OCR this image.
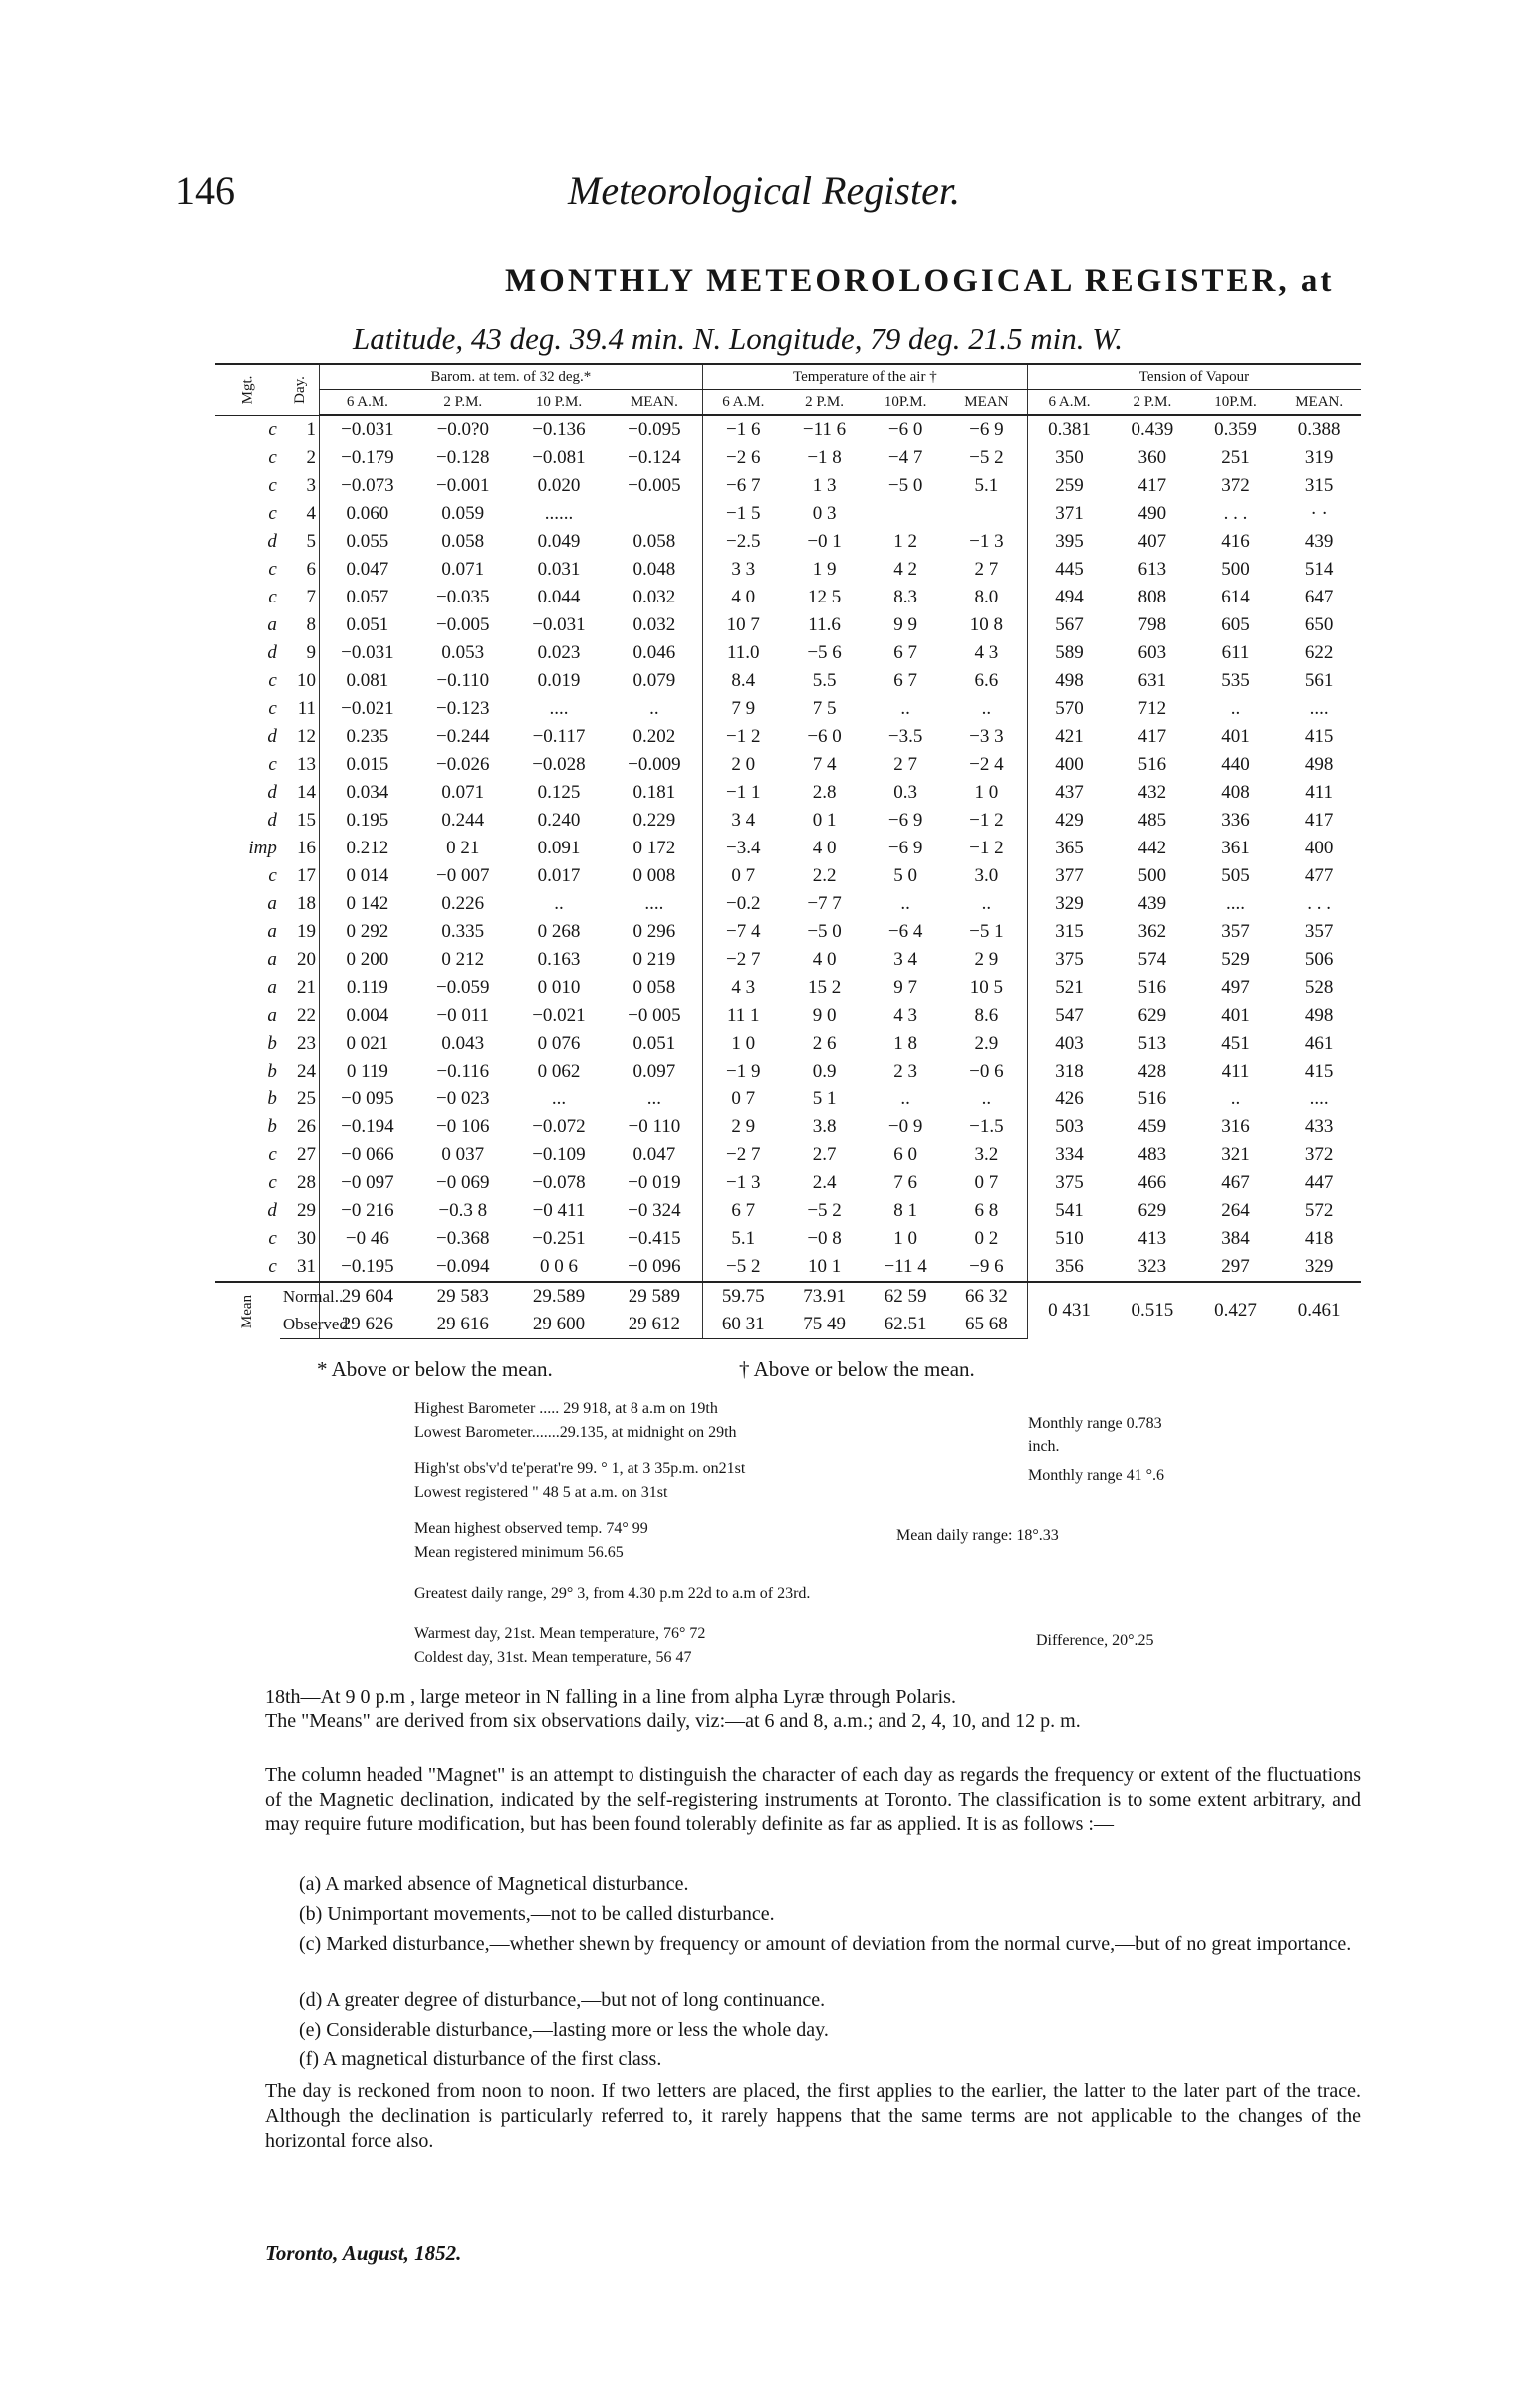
146	Meteorological Register.
MONTHLY METEOROLOGICAL REGISTER, at
Latitude, 43 deg. 39.4 min. N. Longitude, 79 deg. 21.5 min. W.
Mgt.	Day.	Barom. at tem. of 32 deg.*				Temperature of the air †				Tension of Vapour			
		6 A.M.	2 P.M.	10 P.M.	MEAN.	6 A.M.	2 P.M.	10P.M.	MEAN	6 A.M.	2 P.M.	10P.M.	MEAN.
c	1	−0.031	−0.0?0	−0.136	−0.095	−1 6	−11 6	−6 0	−6 9	0.381	0.439	0.359	0.388
c	2	−0.179	−0.128	−0.081	−0.124	−2 6	−1 8	−4 7	−5 2	350	360	251	319
c	3	−0.073	−0.001	0.020	−0.005	−6 7	1 3	−5 0	5.1	259	417	372	315
c	4	0.060	0.059	......		−1 5	0 3			371	490	. . .	· ·
d	5	0.055	0.058	0.049	0.058	−2.5	−0 1	1 2	−1 3	395	407	416	439
c	6	0.047	0.071	0.031	0.048	3 3	1 9	4 2	2 7	445	613	500	514
c	7	0.057	−0.035	0.044	0.032	4 0	12 5	8.3	8.0	494	808	614	647
a	8	0.051	−0.005	−0.031	0.032	10 7	11.6	9 9	10 8	567	798	605	650
d	9	−0.031	0.053	0.023	0.046	11.0	−5 6	6 7	4 3	589	603	611	622
c	10	0.081	−0.110	0.019	0.079	8.4	5.5	6 7	6.6	498	631	535	561
c	11	−0.021	−0.123	....	..	7 9	7 5	..	..	570	712	..	....
d	12	0.235	−0.244	−0.117	0.202	−1 2	−6 0	−3.5	−3 3	421	417	401	415
c	13	0.015	−0.026	−0.028	−0.009	2 0	7 4	2 7	−2 4	400	516	440	498
d	14	0.034	0.071	0.125	0.181	−1 1	2.8	0.3	1 0	437	432	408	411
d	15	0.195	0.244	0.240	0.229	3 4	0 1	−6 9	−1 2	429	485	336	417
imp	16	0.212	0 21	0.091	0 172	−3.4	4 0	−6 9	−1 2	365	442	361	400
c	17	0 014	−0 007	0.017	0 008	0 7	2.2	5 0	3.0	377	500	505	477
a	18	0 142	0.226	..	....	−0.2	−7 7	..	..	329	439	....	. . .
a	19	0 292	0.335	0 268	0 296	−7 4	−5 0	−6 4	−5 1	315	362	357	357
a	20	0 200	0 212	0.163	0 219	−2 7	4 0	3 4	2 9	375	574	529	506
a	21	0.119	−0.059	0 010	0 058	4 3	15 2	9 7	10 5	521	516	497	528
a	22	0.004	−0 011	−0.021	−0 005	11 1	9 0	4 3	8.6	547	629	401	498
b	23	0 021	0.043	0 076	0.051	1 0	2 6	1 8	2.9	403	513	451	461
b	24	0 119	−0.116	0 062	0.097	−1 9	0.9	2 3	−0 6	318	428	411	415
b	25	−0 095	−0 023	...	...	0 7	5 1	..	..	426	516	..	....
b	26	−0.194	−0 106	−0.072	−0 110	2 9	3.8	−0 9	−1.5	503	459	316	433
c	27	−0 066	0 037	−0.109	0.047	−2 7	2.7	6 0	3.2	334	483	321	372
c	28	−0 097	−0 069	−0.078	−0 019	−1 3	2.4	7 6	0 7	375	466	467	447
d	29	−0 216	−0.3 8	−0 411	−0 324	6 7	−5 2	8 1	6 8	541	629	264	572
c	30	−0 46	−0.368	−0.251	−0.415	5.1	−0 8	1 0	0 2	510	413	384	418
c	31	−0.195	−0.094	0 0 6	−0 096	−5 2	10 1	−11 4	−9 6	356	323	297	329
Mean	Normal..	29 604	29 583	29.589	29 589	59.75	73.91	62 59	66 32	0 431	0.515	0.427	0.461
	Observed	29 626	29 616	29 600	29 612	60 31	75 49	62.51	65 68				
* Above or below the mean.	† Above or below the mean.
Highest Barometer ..... 29 918, at 8 a.m on 19th
Lowest Barometer.......29.135, at midnight on 29th
Monthly range 0.783 inch.
High'st obs'v'd te'perat're 99. ° 1, at 3 35p.m. on21st
Lowest registered " 48 5 at a.m. on 31st
Monthly range 41 °.6
Mean highest observed temp. 74° 99
Mean registered minimum 56.65
Mean daily range: 18°.33
Greatest daily range, 29° 3, from 4.30 p.m 22d to a.m of 23rd.
Warmest day, 21st. Mean temperature, 76° 72
Coldest day, 31st. Mean temperature, 56 47
Difference, 20°.25
18th—At 9 0 p.m , large meteor in N falling in a line from alpha Lyræ through Polaris.
The "Means" are derived from six observations daily, viz:—at 6 and 8, a.m.; and 2, 4, 10, and 12 p. m.
The column headed "Magnet" is an attempt to distinguish the character of each day as regards the frequency or extent of the fluctuations of the Magnetic declination, indicated by the self-registering instruments at Toronto. The classification is to some extent arbitrary, and may require future modification, but has been found tolerably definite as far as applied. It is as follows :—
(a) A marked absence of Magnetical disturbance.
(b) Unimportant movements,—not to be called disturbance.
(c) Marked disturbance,—whether shewn by frequency or amount of deviation from the normal curve,—but of no great importance.
(d) A greater degree of disturbance,—but not of long continuance.
(e) Considerable disturbance,—lasting more or less the whole day.
(f) A magnetical disturbance of the first class.
The day is reckoned from noon to noon. If two letters are placed, the first applies to the earlier, the latter to the later part of the trace. Although the declination is particularly referred to, it rarely happens that the same terms are not applicable to the changes of the horizontal force also.
Toronto, August, 1852.
